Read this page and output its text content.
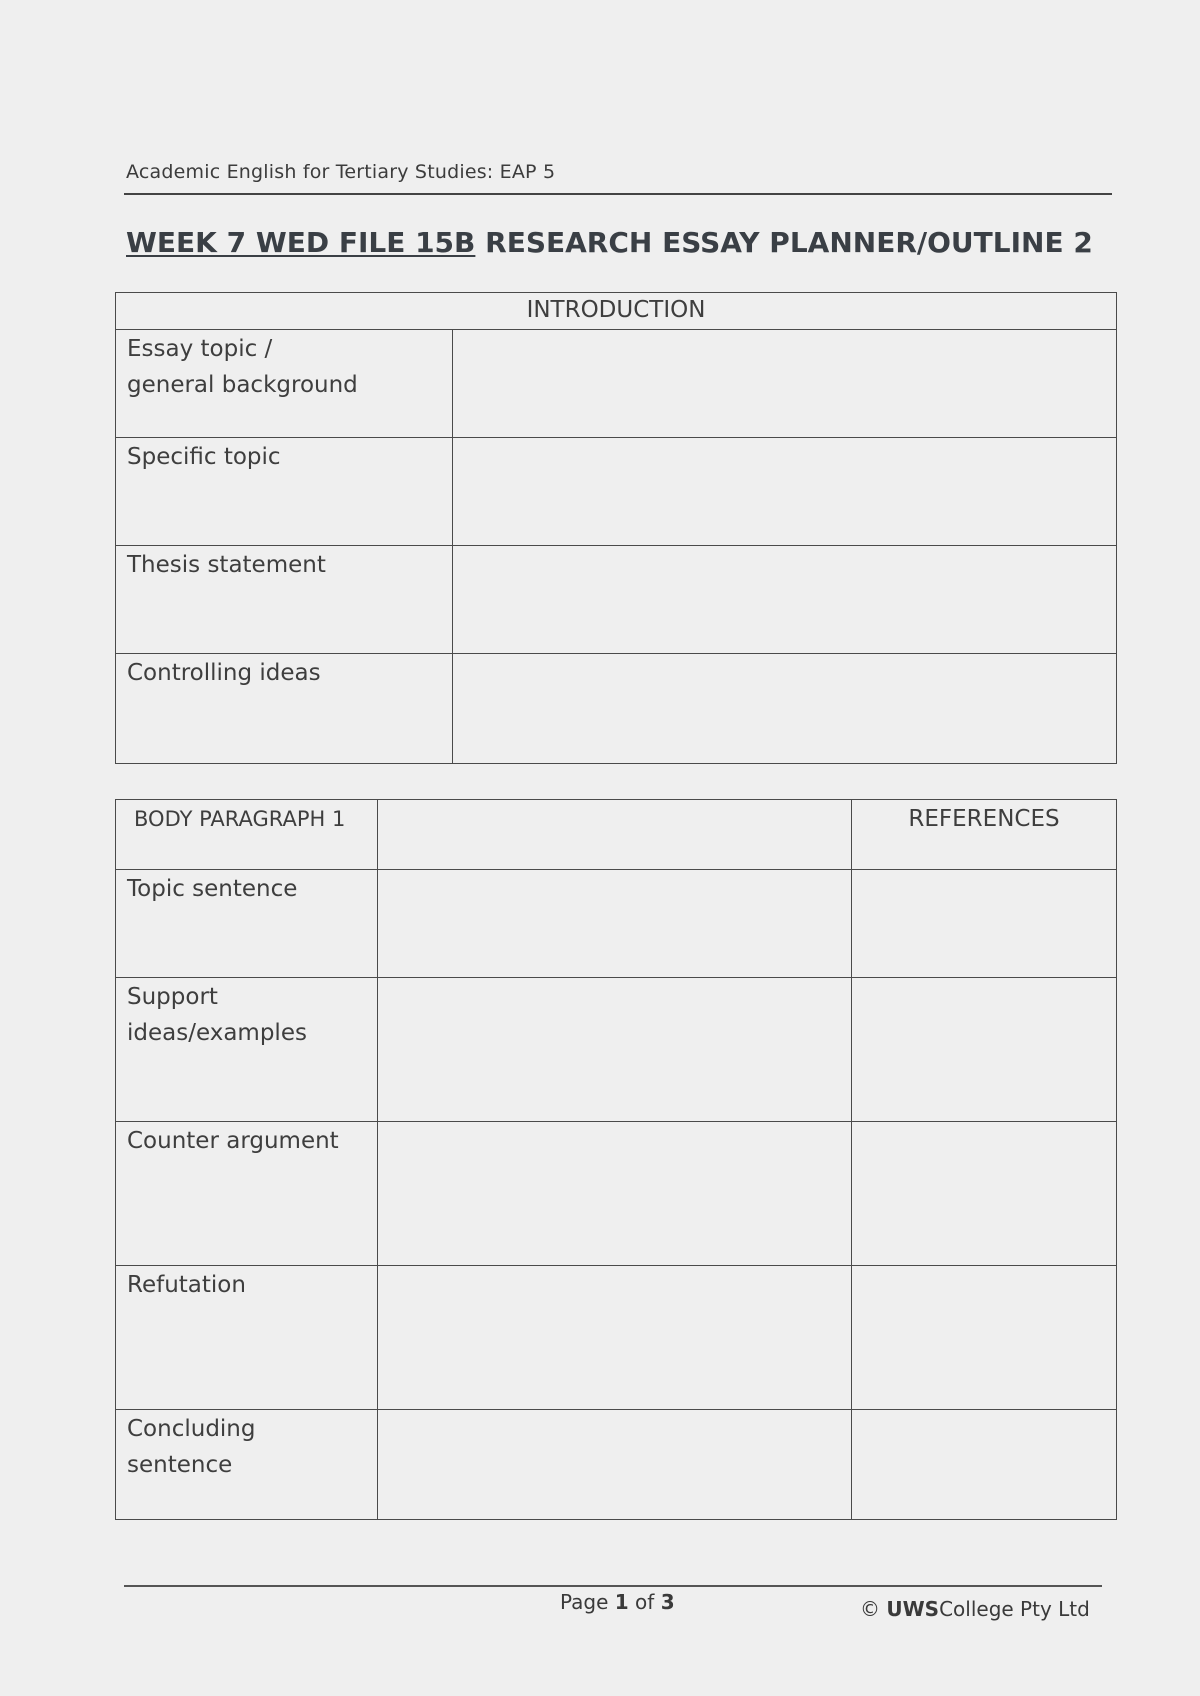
Academic English for Tertiary Studies: EAP 5
WEEK 7 WED FILE 15B RESEARCH ESSAY PLANNER/OUTLINE 2
INTRODUCTION	

Essay topic /
general background	

Specific topic	

Thesis statement	

Controlling ideas	

BODY PARAGRAPH 1		REFERENCES

Topic sentence		

Support
ideas/examples		

Counter argument		

Refutation		

Concluding
sentence		

Page 1 of 3	© UWSCollege Pty Ltd
